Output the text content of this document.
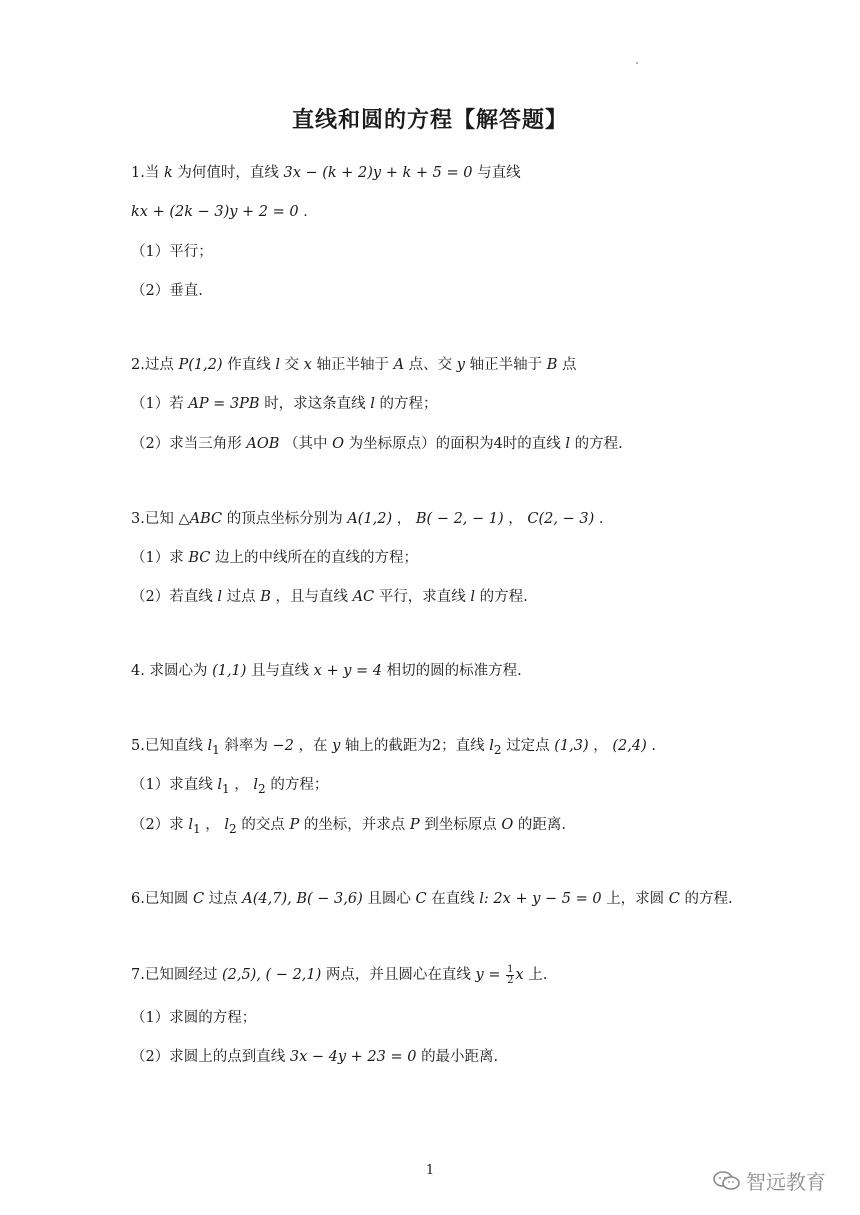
直线和圆的方程【解答题】
1.当 k 为何值时，直线 3x − (k + 2)y + k + 5 = 0 与直线
kx + (2k − 3)y + 2 = 0 ．
（1）平行；
（2）垂直.
2.过点 P(1,2) 作直线 l 交 x 轴正半轴于 A 点、交 y 轴正半轴于 B 点
（1）若 AP = 3PB 时，求这条直线 l 的方程；
（2）求当三角形 AOB （其中 O 为坐标原点）的面积为4时的直线 l 的方程.
3.已知 △ABC 的顶点坐标分别为 A(1,2) ， B( − 2, − 1) ， C(2, − 3) ．
（1）求 BC 边上的中线所在的直线的方程；
（2）若直线 l 过点 B ，且与直线 AC 平行，求直线 l 的方程.
4. 求圆心为 (1,1) 且与直线 x + y = 4 相切的圆的标准方程.
5.已知直线 $l_1$ 斜率为 −2 ，在 y 轴上的截距为2；直线 $l_2$ 过定点 (1,3) ， (2,4) .
（1）求直线 $l_1$ ， $l_2$ 的方程；
（2）求 $l_1$ ， $l_2$ 的交点 P 的坐标，并求点 P 到坐标原点 O 的距离.
6.已知圆 C 过点 A(4,7), B( − 3,6) 且圆心 C 在直线 l: 2x + y − 5 = 0 上，求圆 C 的方程.
7.已知圆经过 (2,5), ( − 2,1) 两点，并且圆心在直线 $y = \frac{1}{2}$ x 上.
（1）求圆的方程；
（2）求圆上的点到直线 3x − 4y + 23 = 0 的最小距离.
1	智远教育
